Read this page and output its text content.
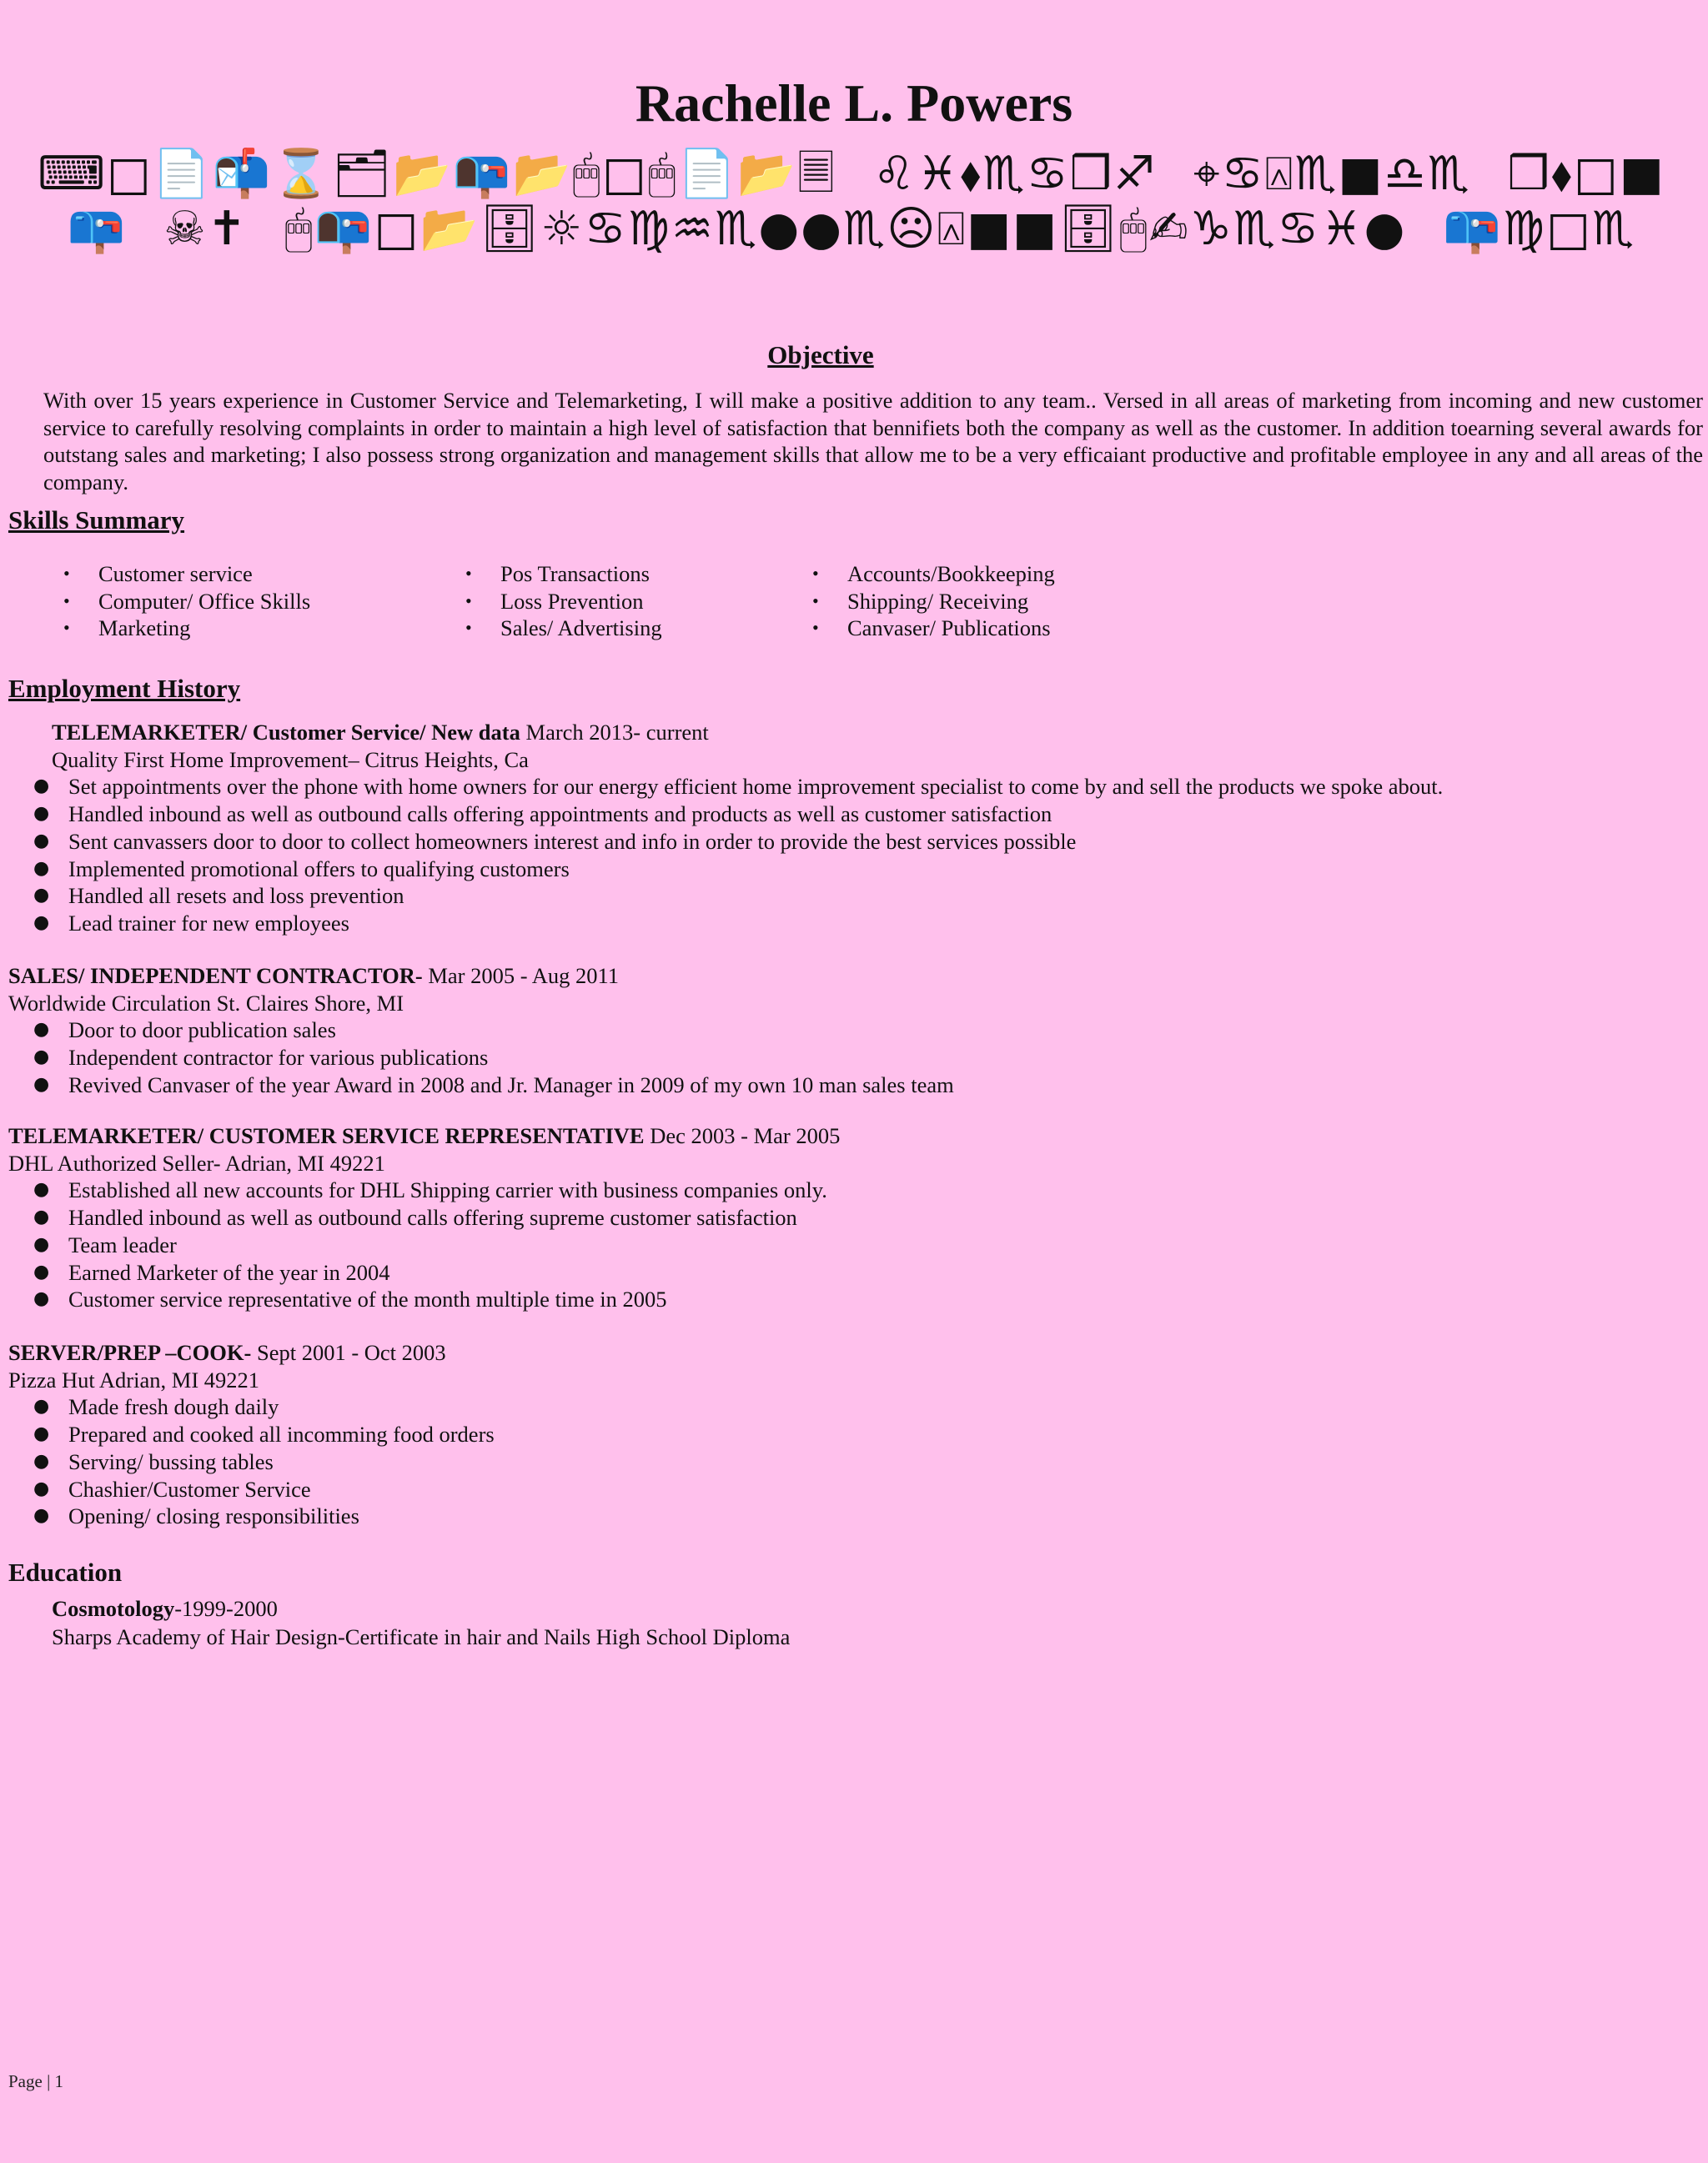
Rachelle L. Powers
⌨□📄📬⌛🗂📂📭📂🖱□🖱📄📂🗏 ♌♓⬧♏♋❒♐ ⌖♋⍓♏■♎♏ ❒⬧□■📪 ☠✝ 🖱📭□📂🗄☼♋♍♒♏●●♏☹⍓■■🗄🖱✍♑♏♋♓● 📪♍□♏
Objective
With over 15 years experience in Customer Service and Telemarketing, I will make a positive addition to any team.. Versed in all areas of marketing from incoming and new customer service to carefully resolving complaints in order to maintain a high level of satisfaction that bennifiets both the company as well as the customer. In addition toearning several awards for outstang sales and marketing; I also possess strong organization and management skills that allow me to be a very efficaiant productive and profitable employee in any and all areas of the company.
Skills Summary
• Customer service
• Computer/ Office Skills
• Marketing
• Pos Transactions
• Loss Prevention
• Sales/ Advertising
• Accounts/Bookkeeping
• Shipping/ Receiving
• Canvaser/ Publications
Employment History
TELEMARKETER/ Customer Service/ New data March 2013- current
Quality First Home Improvement– Citrus Heights, Ca
● Set appointments over the phone with home owners for our energy efficient home improvement specialist to come by and sell the products we spoke about.
● Handled inbound as well as outbound calls offering appointments and products as well as customer satisfaction
● Sent canvassers door to door to collect homeowners interest and info in order to provide the best services possible
● Implemented promotional offers to qualifying customers
● Handled all resets and loss prevention
● Lead trainer for new employees
SALES/ INDEPENDENT CONTRACTOR- Mar 2005 - Aug 2011
Worldwide Circulation St. Claires Shore, MI
● Door to door publication sales
● Independent contractor for various publications
● Revived Canvaser of the year Award in 2008 and Jr. Manager in 2009 of my own 10 man sales team
TELEMARKETER/ CUSTOMER SERVICE REPRESENTATIVE Dec 2003 - Mar 2005
DHL Authorized Seller- Adrian, MI 49221
● Established all new accounts for DHL Shipping carrier with business companies only.
● Handled inbound as well as outbound calls offering supreme customer satisfaction
● Team leader
● Earned Marketer of the year in 2004
● Customer service representative of the month multiple time in 2005
SERVER/PREP –COOK- Sept 2001 - Oct 2003
Pizza Hut Adrian, MI 49221
● Made fresh dough daily
● Prepared and cooked all incomming food orders
● Serving/ bussing tables
● Chashier/Customer Service
● Opening/ closing responsibilities
Education
Cosmotology-1999-2000
Sharps Academy of Hair Design-Certificate in hair and Nails High School Diploma
Page | 1
